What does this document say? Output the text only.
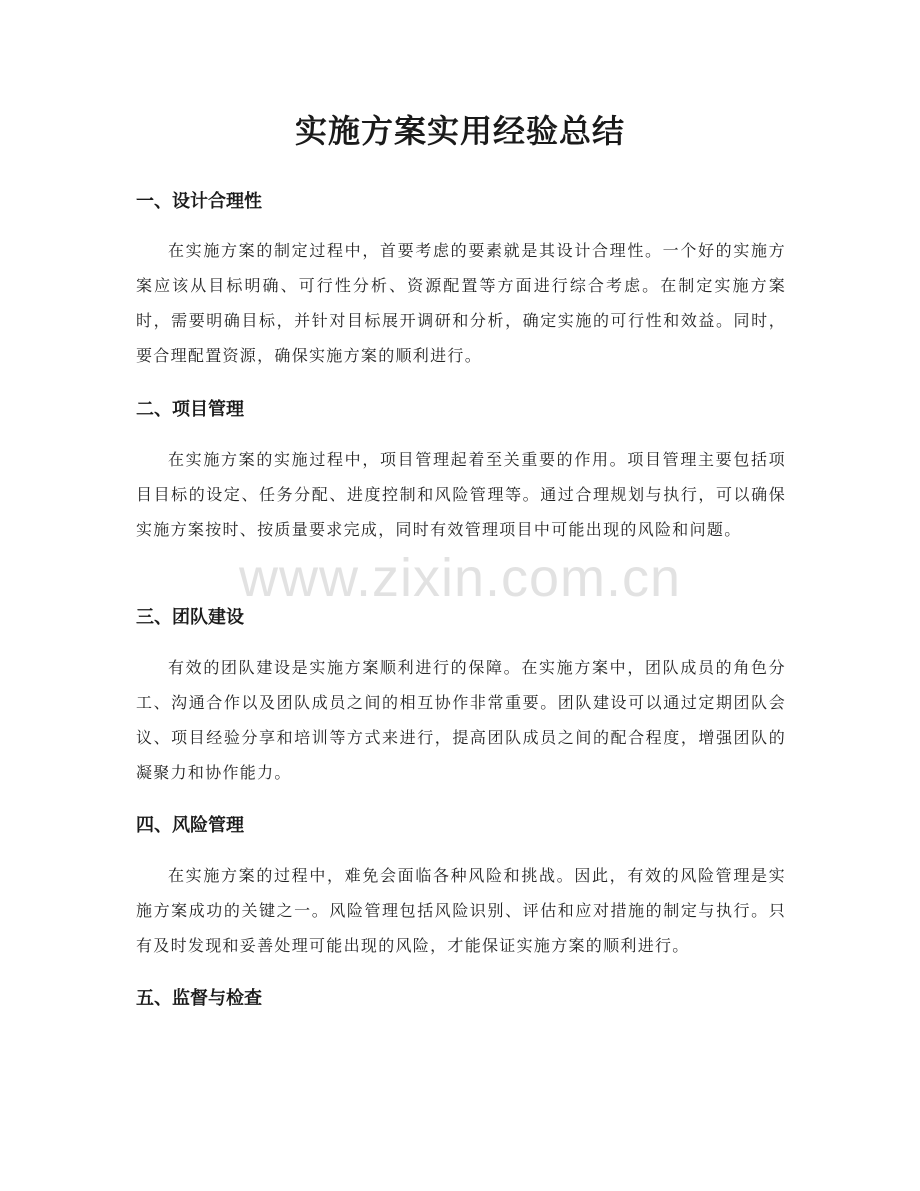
实施方案实用经验总结
一、设计合理性

在实施方案的制定过程中，首要考虑的要素就是其设计合理性。一个好的实施方案应该从目标明确、可行性分析、资源配置等方面进行综合考虑。在制定实施方案时，需要明确目标，并针对目标展开调研和分析，确定实施的可行性和效益。同时，要合理配置资源，确保实施方案的顺利进行。

二、项目管理

在实施方案的实施过程中，项目管理起着至关重要的作用。项目管理主要包括项目目标的设定、任务分配、进度控制和风险管理等。通过合理规划与执行，可以确保实施方案按时、按质量要求完成，同时有效管理项目中可能出现的风险和问题。

三、团队建设

有效的团队建设是实施方案顺利进行的保障。在实施方案中，团队成员的角色分工、沟通合作以及团队成员之间的相互协作非常重要。团队建设可以通过定期团队会议、项目经验分享和培训等方式来进行，提高团队成员之间的配合程度，增强团队的凝聚力和协作能力。

四、风险管理

在实施方案的过程中，难免会面临各种风险和挑战。因此，有效的风险管理是实施方案成功的关键之一。风险管理包括风险识别、评估和应对措施的制定与执行。只有及时发现和妥善处理可能出现的风险，才能保证实施方案的顺利进行。

五、监督与检查
www.zixin.com.cn
